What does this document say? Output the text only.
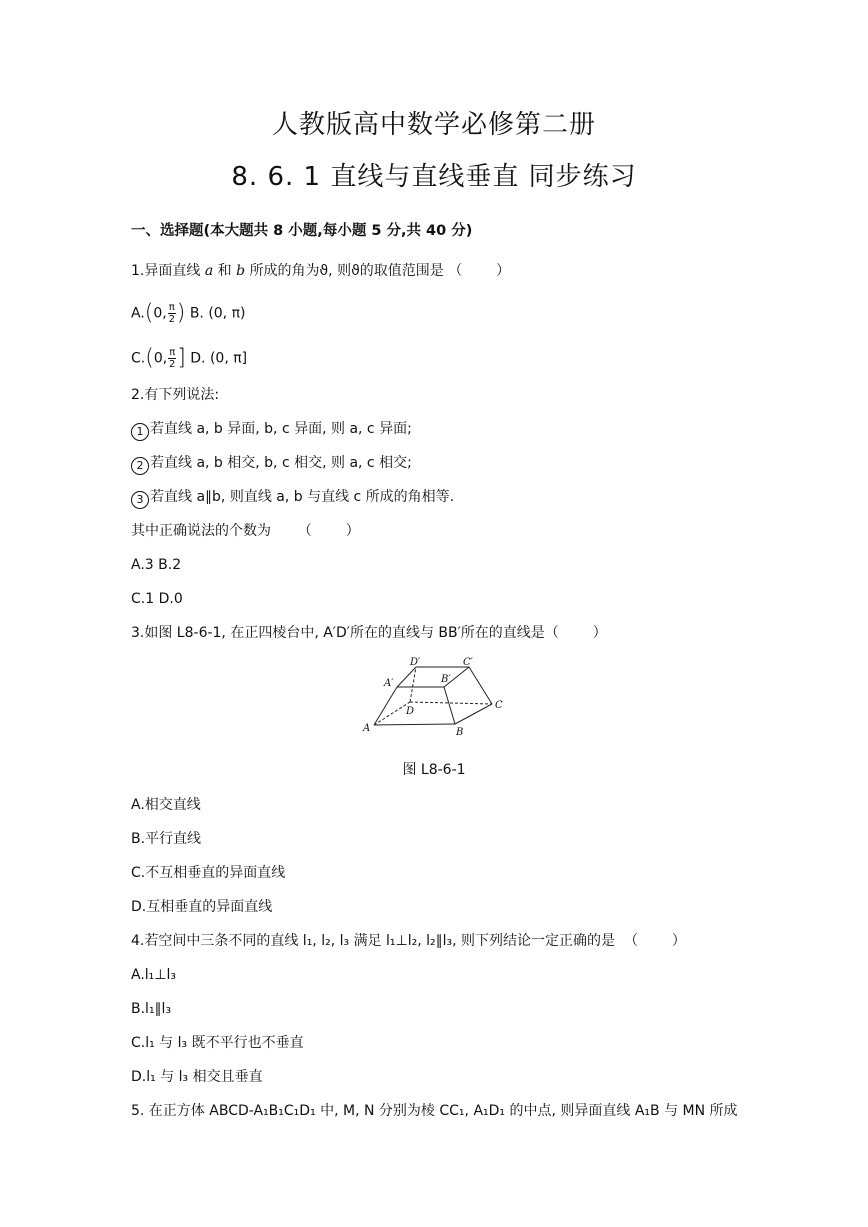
人教版高中数学必修第二册
8. 6. 1 直线与直线垂直 同步练习
一、选择题(本大题共 8 小题,每小题 5 分,共 40 分)
1.异面直线 a 和 b 所成的角为ϑ, 则ϑ的取值范围是 （　　）
A.(0, $\frac{\pi}{2}$ ) B. (0, π)
C.(0, $\frac{\pi}{2}$ ] D. (0, π]
2.有下列说法:
1 若直线 a, b 异面, b, c 异面, 则 a, c 异面;
2 若直线 a, b 相交, b, c 相交, 则 a, c 相交;
3 若直线 a∥b, 则直线 a, b 与直线 c 所成的角相等.
其中正确说法的个数为 （　　）
A.3 B.2
C.1 D.0
3.如图 L8-6-1, 在正四棱台中, A′D′所在的直线与 BB′所在的直线是（　　）
A	B
C
D
A′	B′
C′
D′
图 L8-6-1
A.相交直线
B.平行直线
C.不互相垂直的异面直线
D.互相垂直的异面直线
4.若空间中三条不同的直线 l₁, l₂, l₃ 满足 l₁⊥l₂, l₂∥l₃, 则下列结论一定正确的是 （　　）
A.l₁⊥l₃
B.l₁∥l₃
C.l₁ 与 l₃ 既不平行也不垂直
D.l₁ 与 l₃ 相交且垂直
5. 在正方体 ABCD-A₁B₁C₁D₁ 中, M, N 分别为棱 CC₁, A₁D₁ 的中点, 则异面直线 A₁B 与 MN 所成
